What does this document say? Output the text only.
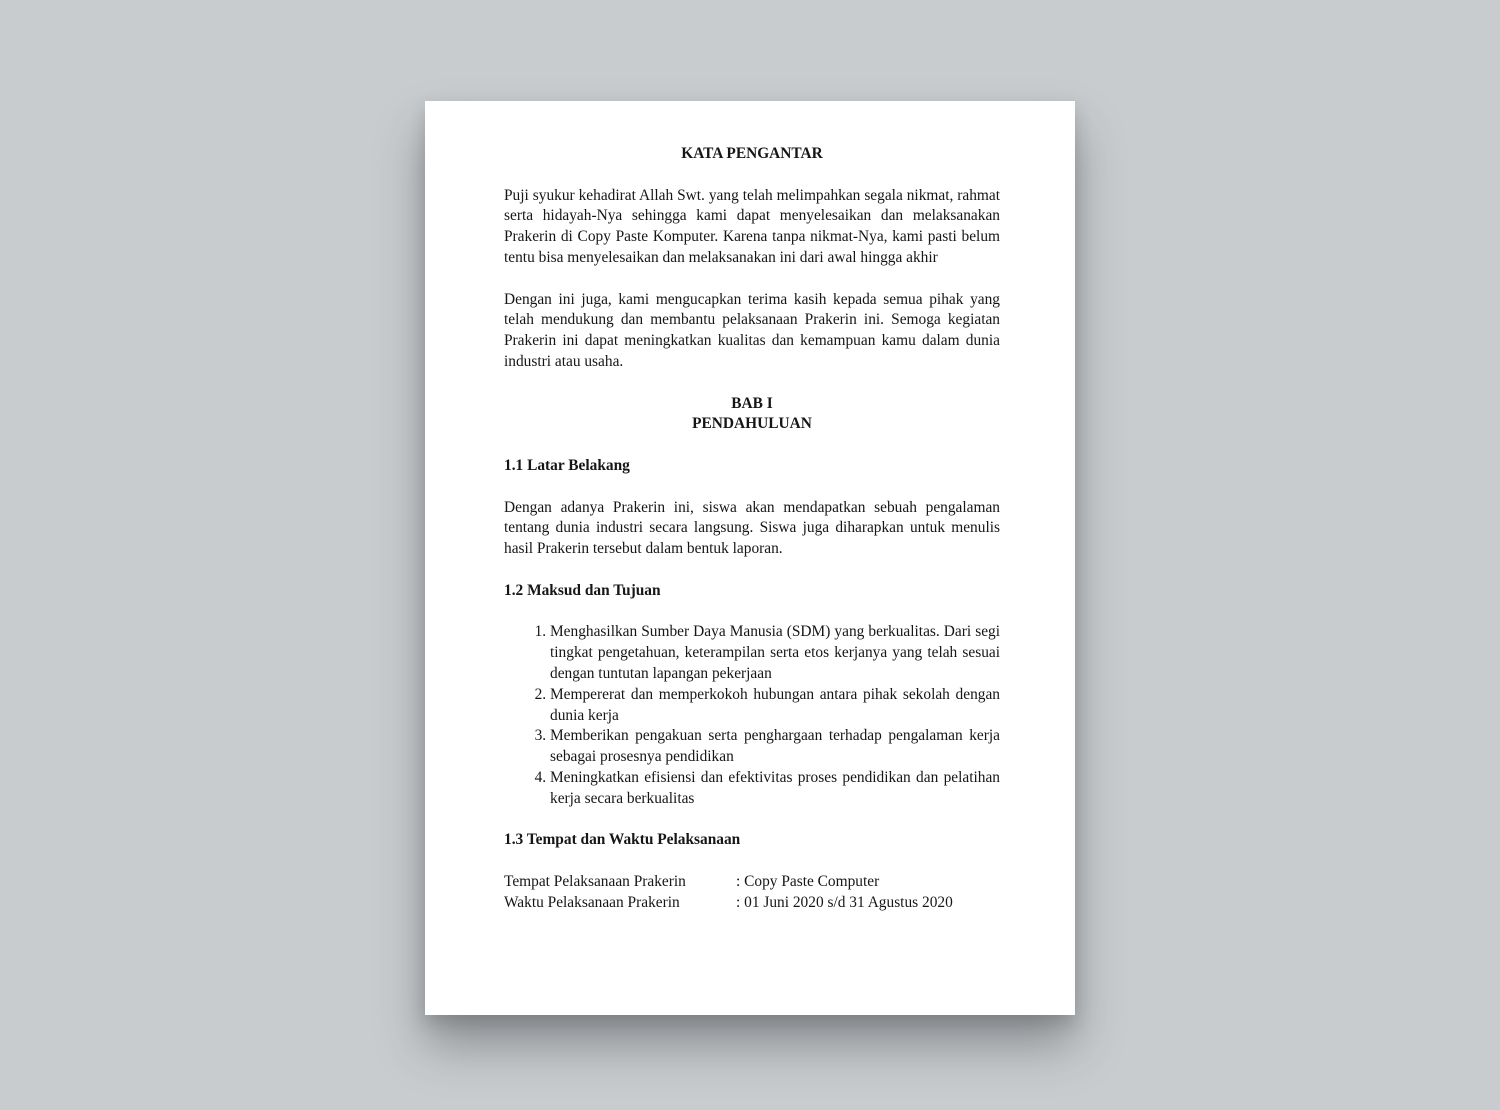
KATA PENGANTAR

Puji syukur kehadirat Allah Swt. yang telah melimpahkan segala nikmat, rahmat serta hidayah-Nya sehingga kami dapat menyelesaikan dan melaksanakan Prakerin di Copy Paste Komputer. Karena tanpa nikmat-Nya, kami pasti belum tentu bisa menyelesaikan dan melaksanakan ini dari awal hingga akhir

Dengan ini juga, kami mengucapkan terima kasih kepada semua pihak yang telah mendukung dan membantu pelaksanaan Prakerin ini. Semoga kegiatan Prakerin ini dapat meningkatkan kualitas dan kemampuan kamu dalam dunia industri atau usaha.

BAB I
PENDAHULUAN
1.1 Latar Belakang

Dengan adanya Prakerin ini, siswa akan mendapatkan sebuah pengalaman tentang dunia industri secara langsung. Siswa juga diharapkan untuk menulis hasil Prakerin tersebut dalam bentuk laporan.

1.2 Maksud dan Tujuan
1. Menghasilkan Sumber Daya Manusia (SDM) yang berkualitas. Dari segi tingkat pengetahuan, keterampilan serta etos kerjanya yang telah sesuai dengan tuntutan lapangan pekerjaan
2. Mempererat dan memperkokoh hubungan antara pihak sekolah dengan dunia kerja
3. Memberikan pengakuan serta penghargaan terhadap pengalaman kerja sebagai prosesnya pendidikan
4. Meningkatkan efisiensi dan efektivitas proses pendidikan dan pelatihan kerja secara berkualitas
1.3 Tempat dan Waktu Pelaksanaan
Tempat Pelaksanaan Prakerin	: Copy Paste Computer
Waktu Pelaksanaan Prakerin	: 01 Juni 2020 s/d 31 Agustus 2020
